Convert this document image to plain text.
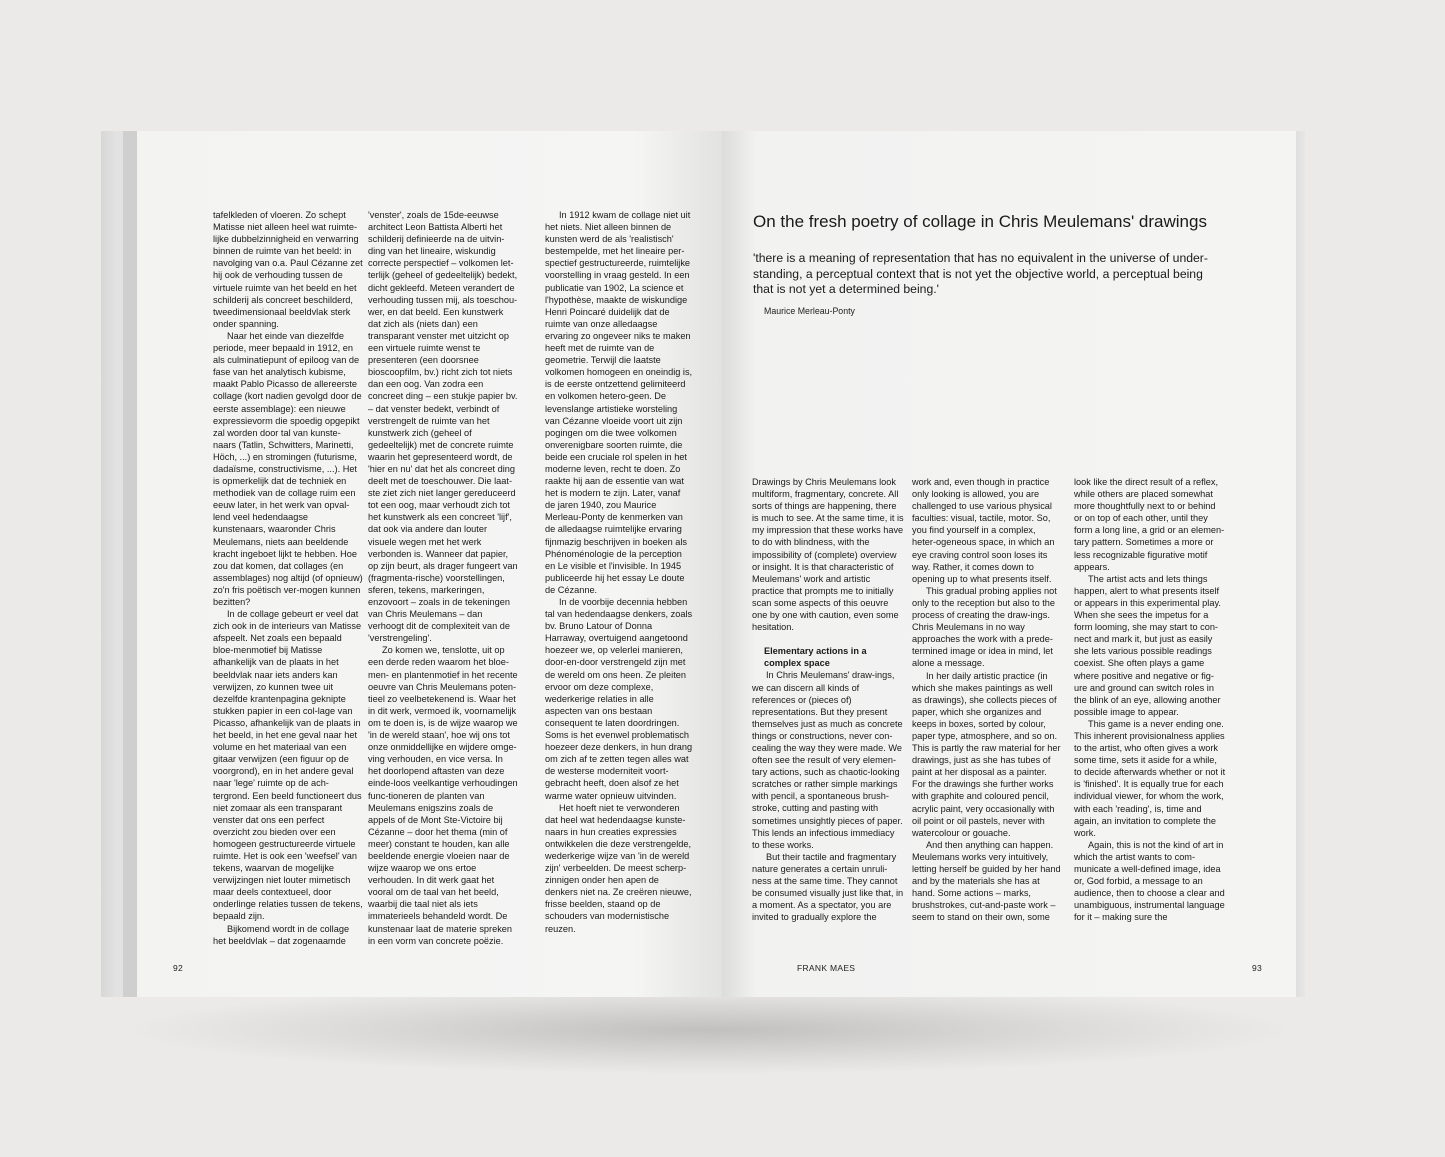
tafelkleden of vloeren. Zo schept Matisse niet alleen heel wat ruimte-lijke dubbelzinnigheid en verwarring binnen de ruimte van het beeld: in navolging van o.a. Paul Cézanne zet hij ook de verhouding tussen de virtuele ruimte van het beeld en het schilderij als concreet beschilderd, tweedimensionaal beeldvlak sterk onder spanning.

Naar het einde van diezelfde periode, meer bepaald in 1912, en als culminatiepunt of epiloog van de fase van het analytisch kubisme, maakt Pablo Picasso de allereerste collage (kort nadien gevolgd door de eerste assemblage): een nieuwe expressievorm die spoedig opgepikt zal worden door tal van kunste-naars (Tatlin, Schwitters, Marinetti, Höch, ...) en stromingen (futurisme, dadaïsme, constructivisme, ...). Het is opmerkelijk dat de techniek en methodiek van de collage ruim een eeuw later, in het werk van opval-lend veel hedendaagse kunstenaars, waaronder Chris Meulemans, niets aan beeldende kracht ingeboet lijkt te hebben. Hoe zou dat komen, dat collages (en assemblages) nog altijd (of opnieuw) zo'n fris poëtisch ver-mogen kunnen bezitten?

In de collage gebeurt er veel dat zich ook in de interieurs van Matisse afspeelt. Net zoals een bepaald bloe-menmotief bij Matisse afhankelijk van de plaats in het beeldvlak naar iets anders kan verwijzen, zo kunnen twee uit dezelfde krantenpagina geknipte stukken papier in een col-lage van Picasso, afhankelijk van de plaats in het beeld, in het ene geval naar het volume en het materiaal van een gitaar verwijzen (een figuur op de voorgrond), en in het andere geval naar 'lege' ruimte op de ach-tergrond. Een beeld functioneert dus niet zomaar als een transparant venster dat ons een perfect overzicht zou bieden over een homogeen gestructureerde virtuele ruimte. Het is ook een 'weefsel' van tekens, waarvan de mogelijke verwijzingen niet louter mimetisch maar deels contextueel, door onderlinge relaties tussen de tekens, bepaald zijn.

Bijkomend wordt in de collage het beeldvlak – dat zogenaamde

'venster', zoals de 15de-eeuwse architect Leon Battista Alberti het schilderij definieerde na de uitvin-ding van het lineaire, wiskundig correcte perspectief – volkomen let-terlijk (geheel of gedeeltelijk) bedekt, dicht gekleefd. Meteen verandert de verhouding tussen mij, als toeschou-wer, en dat beeld. Een kunstwerk dat zich als (niets dan) een transparant venster met uitzicht op een virtuele ruimte wenst te presenteren (een doorsnee bioscoopfilm, bv.) richt zich tot niets dan een oog. Van zodra een concreet ding – een stukje papier bv. – dat venster bedekt, verbindt of verstrengelt de ruimte van het kunstwerk zich (geheel of gedeeltelijk) met de concrete ruimte waarin het gepresenteerd wordt, de 'hier en nu' dat het als concreet ding deelt met de toeschouwer. Die laat-ste ziet zich niet langer gereduceerd tot een oog, maar verhoudt zich tot het kunstwerk als een concreet 'lijf', dat ook via andere dan louter visuele wegen met het werk verbonden is. Wanneer dat papier, op zijn beurt, als drager fungeert van (fragmenta-rische) voorstellingen, sferen, tekens, markeringen, enzovoort – zoals in de tekeningen van Chris Meulemans – dan verhoogt dit de complexiteit van de 'verstrengeling'.

Zo komen we, tenslotte, uit op een derde reden waarom het bloe-men- en plantenmotief in het recente oeuvre van Chris Meulemans poten-tieel zo veelbetekenend is. Waar het in dit werk, vermoed ik, voornamelijk om te doen is, is de wijze waarop we 'in de wereld staan', hoe wij ons tot onze onmiddellijke en wijdere omge-ving verhouden, en vice versa. In het doorlopend aftasten van deze einde-loos veelkantige verhoudingen func-tioneren de planten van Meulemans enigszins zoals de appels of de Mont Ste-Victoire bij Cézanne – door het thema (min of meer) constant te houden, kan alle beeldende energie vloeien naar de wijze waarop we ons ertoe verhouden. In dit werk gaat het vooral om de taal van het beeld, waarbij die taal niet als iets immaterieels behandeld wordt. De kunstenaar laat de materie spreken in een vorm van concrete poëzie.

In 1912 kwam de collage niet uit het niets. Niet alleen binnen de kunsten werd de als 'realistisch' bestempelde, met het lineaire per-spectief gestructureerde, ruimtelijke voorstelling in vraag gesteld. In een publicatie van 1902, La science et l'hypothèse, maakte de wiskundige Henri Poincaré duidelijk dat de ruimte van onze alledaagse ervaring zo ongeveer niks te maken heeft met de ruimte van de geometrie. Terwijl die laatste volkomen homogeen en oneindig is, is de eerste ontzettend gelimiteerd en volkomen hetero-geen. De levenslange artistieke worsteling van Cézanne vloeide voort uit zijn pogingen om die twee volkomen onverenigbare soorten ruimte, die beide een cruciale rol spelen in het moderne leven, recht te doen. Zo raakte hij aan de essentie van wat het is modern te zijn. Later, vanaf de jaren 1940, zou Maurice Merleau-Ponty de kenmerken van de alledaagse ruimtelijke ervaring fijnmazig beschrijven in boeken als Phénoménologie de la perception en Le visible et l'invisible. In 1945 publiceerde hij het essay Le doute de Cézanne.

In de voorbije decennia hebben tal van hedendaagse denkers, zoals bv. Bruno Latour of Donna Harraway, overtuigend aangetoond hoezeer we, op velerlei manieren, door-en-door verstrengeld zijn met de wereld om ons heen. Ze pleiten ervoor om deze complexe, wederkerige relaties in alle aspecten van ons bestaan consequent te laten doordringen. Soms is het evenwel problematisch hoezeer deze denkers, in hun drang om zich af te zetten tegen alles wat de westerse moderniteit voort-gebracht heeft, doen alsof ze het warme water opnieuw uitvinden.

Het hoeft niet te verwonderen dat heel wat hedendaagse kunste-naars in hun creaties expressies ontwikkelen die deze verstrengelde, wederkerige wijze van 'in de wereld zijn' verbeelden. De meest scherp-zinnigen onder hen apen de denkers niet na. Ze creëren nieuwe, frisse beelden, staand op de schouders van modernistische reuzen.

92
On the fresh poetry of collage in Chris Meulemans' drawings
'there is a meaning of representation that has no equivalent in the universe of under-standing, a perceptual context that is not yet the objective world, a perceptual being that is not yet a determined being.'
Maurice Merleau-Ponty

Drawings by Chris Meulemans look multiform, fragmentary, concrete. All sorts of things are happening, there is much to see. At the same time, it is my impression that these works have to do with blindness, with the impossibility of (complete) overview or insight. It is that characteristic of Meulemans' work and artistic practice that prompts me to initially scan some aspects of this oeuvre one by one with caution, even some hesitation.

Elementary actions in a complex space

In Chris Meulemans' draw-ings, we can discern all kinds of references or (pieces of) representations. But they present themselves just as much as concrete things or constructions, never con-cealing the way they were made. We often see the result of very elemen-tary actions, such as chaotic-looking scratches or rather simple markings with pencil, a spontaneous brush-stroke, cutting and pasting with sometimes unsightly pieces of paper. This lends an infectious immediacy to these works.

But their tactile and fragmentary nature generates a certain unruli-ness at the same time. They cannot be consumed visually just like that, in a moment. As a spectator, you are invited to gradually explore the

work and, even though in practice only looking is allowed, you are challenged to use various physical faculties: visual, tactile, motor. So, you find yourself in a complex, heter-ogeneous space, in which an eye craving control soon loses its way. Rather, it comes down to opening up to what presents itself.

This gradual probing applies not only to the reception but also to the process of creating the draw-ings. Chris Meulemans in no way approaches the work with a prede-termined image or idea in mind, let alone a message.

In her daily artistic practice (in which she makes paintings as well as drawings), she collects pieces of paper, which she organizes and keeps in boxes, sorted by colour, paper type, atmosphere, and so on. This is partly the raw material for her drawings, just as she has tubes of paint at her disposal as a painter. For the drawings she further works with graphite and coloured pencil, acrylic paint, very occasionally with oil point or oil pastels, never with watercolour or gouache.

And then anything can happen. Meulemans works very intuitively, letting herself be guided by her hand and by the materials she has at hand. Some actions – marks, brushstrokes, cut-and-paste work – seem to stand on their own, some

look like the direct result of a reflex, while others are placed somewhat more thoughtfully next to or behind or on top of each other, until they form a long line, a grid or an elemen-tary pattern. Sometimes a more or less recognizable figurative motif appears.

The artist acts and lets things happen, alert to what presents itself or appears in this experimental play. When she sees the impetus for a form looming, she may start to con-nect and mark it, but just as easily she lets various possible readings coexist. She often plays a game where positive and negative or fig-ure and ground can switch roles in the blink of an eye, allowing another possible image to appear.

This game is a never ending one. This inherent provisionalness applies to the artist, who often gives a work some time, sets it aside for a while, to decide afterwards whether or not it is 'finished'. It is equally true for each individual viewer, for whom the work, with each 'reading', is, time and again, an invitation to complete the work.

Again, this is not the kind of art in which the artist wants to com-municate a well-defined image, idea or, God forbid, a message to an audience, then to choose a clear and unambiguous, instrumental language for it – making sure the

FRANK MAES	93
